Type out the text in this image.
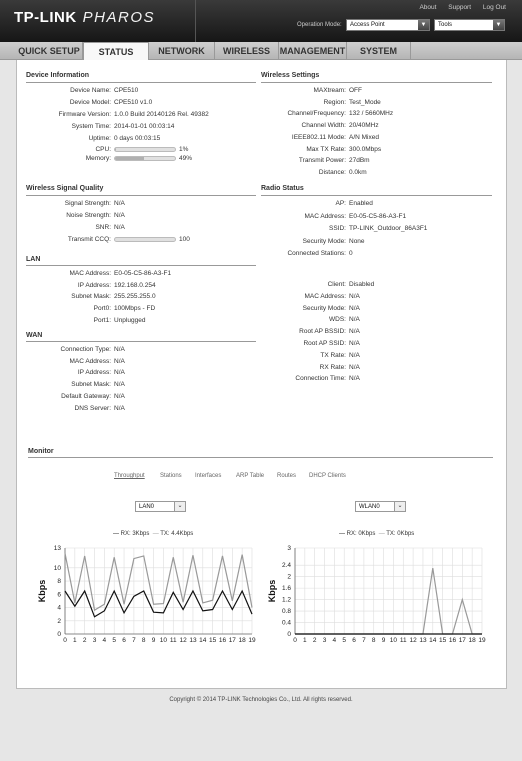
TP-LINK PHAROS
About Support Log Out
Operation Mode:	Access Point	▼	Tools	▼
QUICK SETUP	STATUS	NETWORK	WIRELESS	MANAGEMENT	SYSTEM
Device Information
Device Name: CPE510
Device Model: CPE510 v1.0
Firmware Version: 1.0.0 Build 20140126 Rel. 49382
System Time: 2014-01-01 00:03:14
Uptime: 0 days 00:03:15
CPU:	1%
Memory:	49%
Wireless Settings
MAXtream: OFF
Region: Test_Mode
Channel/Frequency: 132 / 5660MHz
Channel Width: 20/40MHz
IEEE802.11 Mode: A/N Mixed
Max TX Rate: 300.0Mbps
Transmit Power: 27dBm
Distance: 0.0km
Wireless Signal Quality
Signal Strength: N/A
Noise Strength: N/A
SNR: N/A
Transmit CCQ:	100
Radio Status
AP: Enabled
MAC Address: E0-05-C5-86-A3-F1
SSID: TP-LINK_Outdoor_86A3F1
Security Mode: None
Connected Stations: 0
Client: Disabled
MAC Address: N/A
Security Mode: N/A
WDS: N/A
Root AP BSSID: N/A
Root AP SSID: N/A
TX Rate: N/A
RX Rate: N/A
Connection Time: N/A
LAN
MAC Address: E0-05-C5-86-A3-F1
IP Address: 192.168.0.254
Subnet Mask: 255.255.255.0
Port0: 100Mbps - FD
Port1: Unplugged
WAN
Connection Type: N/A
MAC Address: N/A
IP Address: N/A
Subnet Mask: N/A
Default Gateway: N/A
DNS Server: N/A
Monitor
Throughput	Stations Interfaces ARP Table Routes DHCP Clients
LAN0	⌄	WLAN0	⌄
— RX: 3Kbps — TX: 4.4Kbps	— RX: 0Kbps — TX: 0Kbps
0
2
4
6
8
10
13
0 1 2 3 4 5 6 7 8 9 10 11 12 13 14 15 16 17 18 19
Kbps
0
0.4
0.8
1.2
1.6
2
2.4
3
0 1 2 3 4 5 6 7 8 9 10 11 12 13 14 15 16 17 18 19
Kbps
Copyright © 2014 TP-LINK Technologies Co., Ltd. All rights reserved.
